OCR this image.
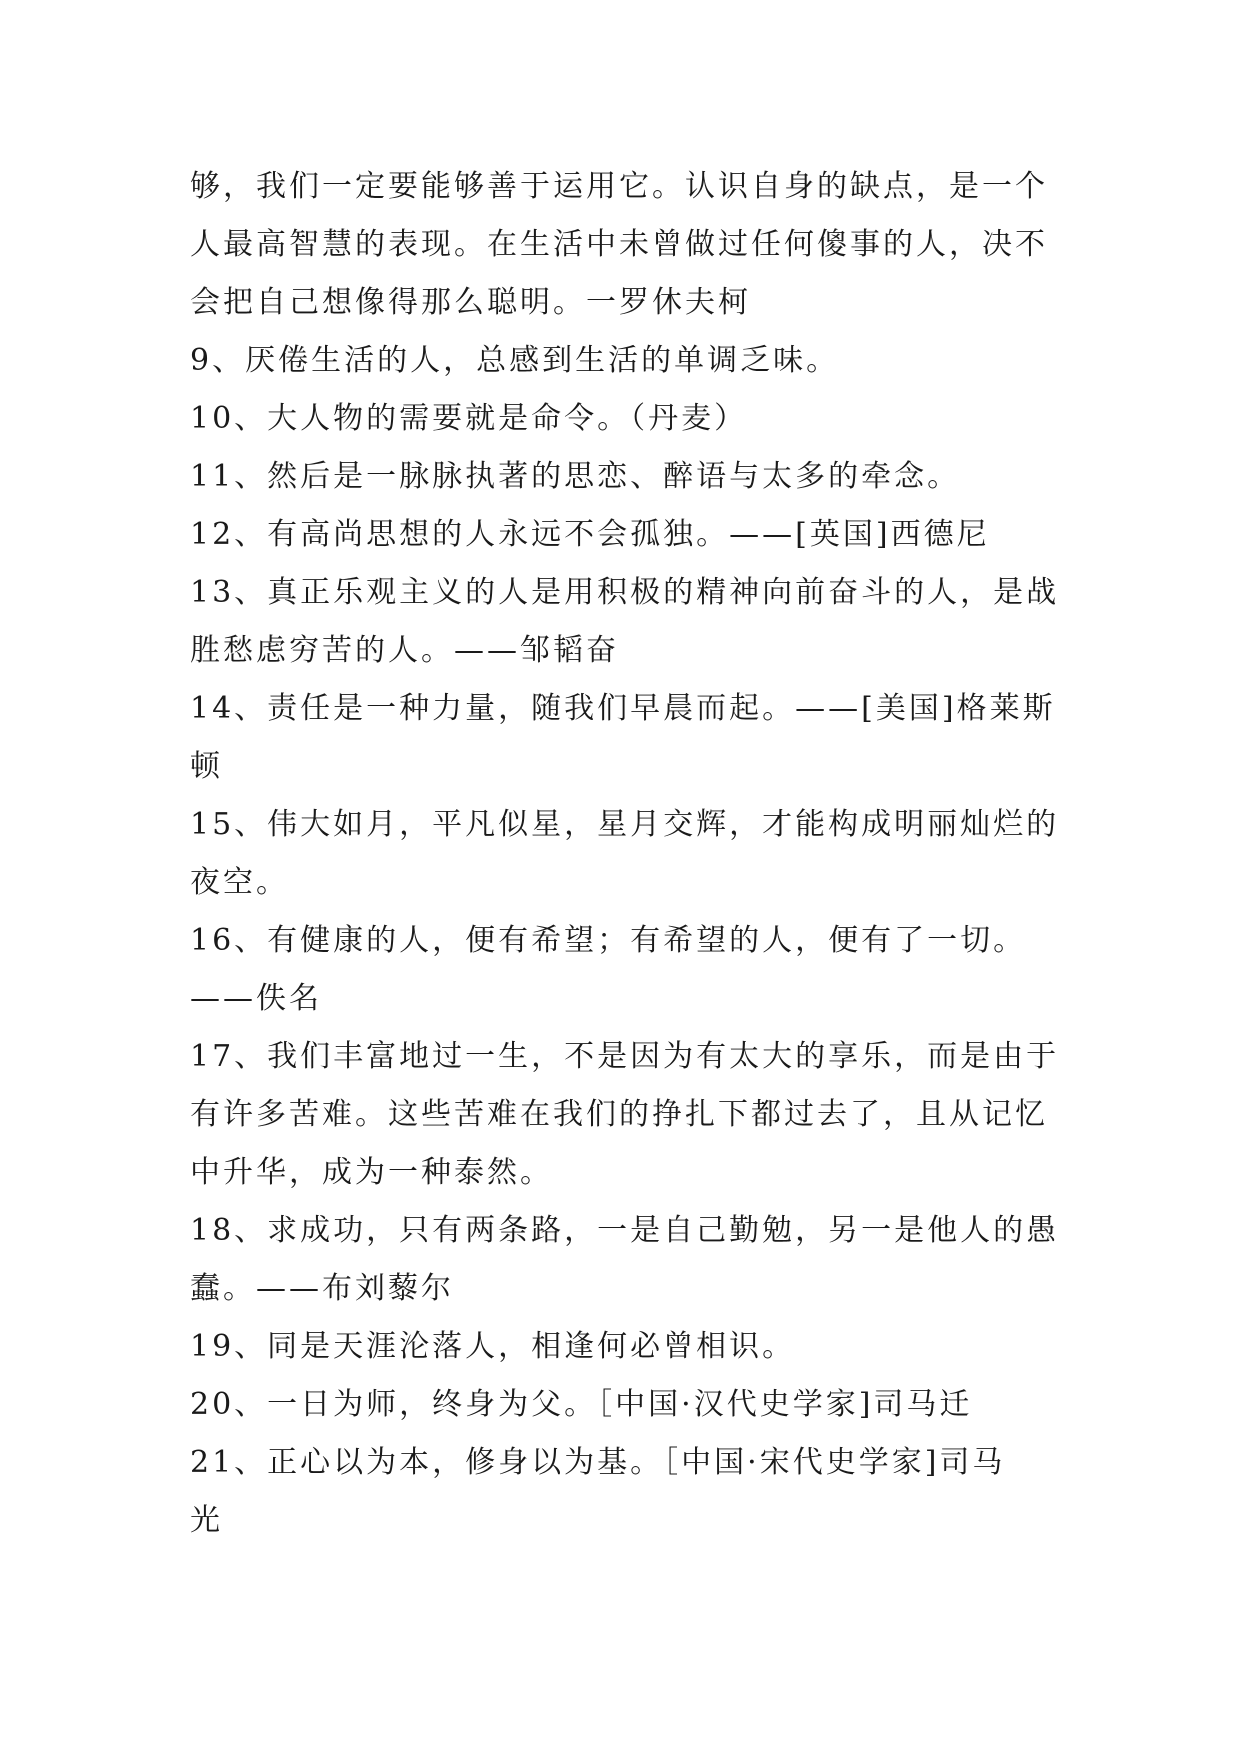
够，我们一定要能够善于运用它。认识自身的缺点，是一个
人最高智慧的表现。在生活中未曾做过任何傻事的人，决不
会把自己想像得那么聪明。一罗休夫柯
9、厌倦生活的人，总感到生活的单调乏味。
10、大人物的需要就是命令。（丹麦）
11、然后是一脉脉执著的思恋、醉语与太多的牵念。
12、有高尚思想的人永远不会孤独。——[英国]西德尼
13、真正乐观主义的人是用积极的精神向前奋斗的人，是战
胜愁虑穷苦的人。——邹韬奋
14、责任是一种力量，随我们早晨而起。——[美国]格莱斯
顿
15、伟大如月，平凡似星，星月交辉，才能构成明丽灿烂的
夜空。
16、有健康的人，便有希望；有希望的人，便有了一切。
——佚名
17、我们丰富地过一生，不是因为有太大的享乐，而是由于
有许多苦难。这些苦难在我们的挣扎下都过去了，且从记忆
中升华，成为一种泰然。
18、求成功，只有两条路，一是自己勤勉，另一是他人的愚
蠢。——布刘藜尔
19、同是天涯沦落人，相逢何必曾相识。
20、一日为师，终身为父。［中国·汉代史学家]司马迁
21、正心以为本，修身以为基。［中国·宋代史学家]司马
光
